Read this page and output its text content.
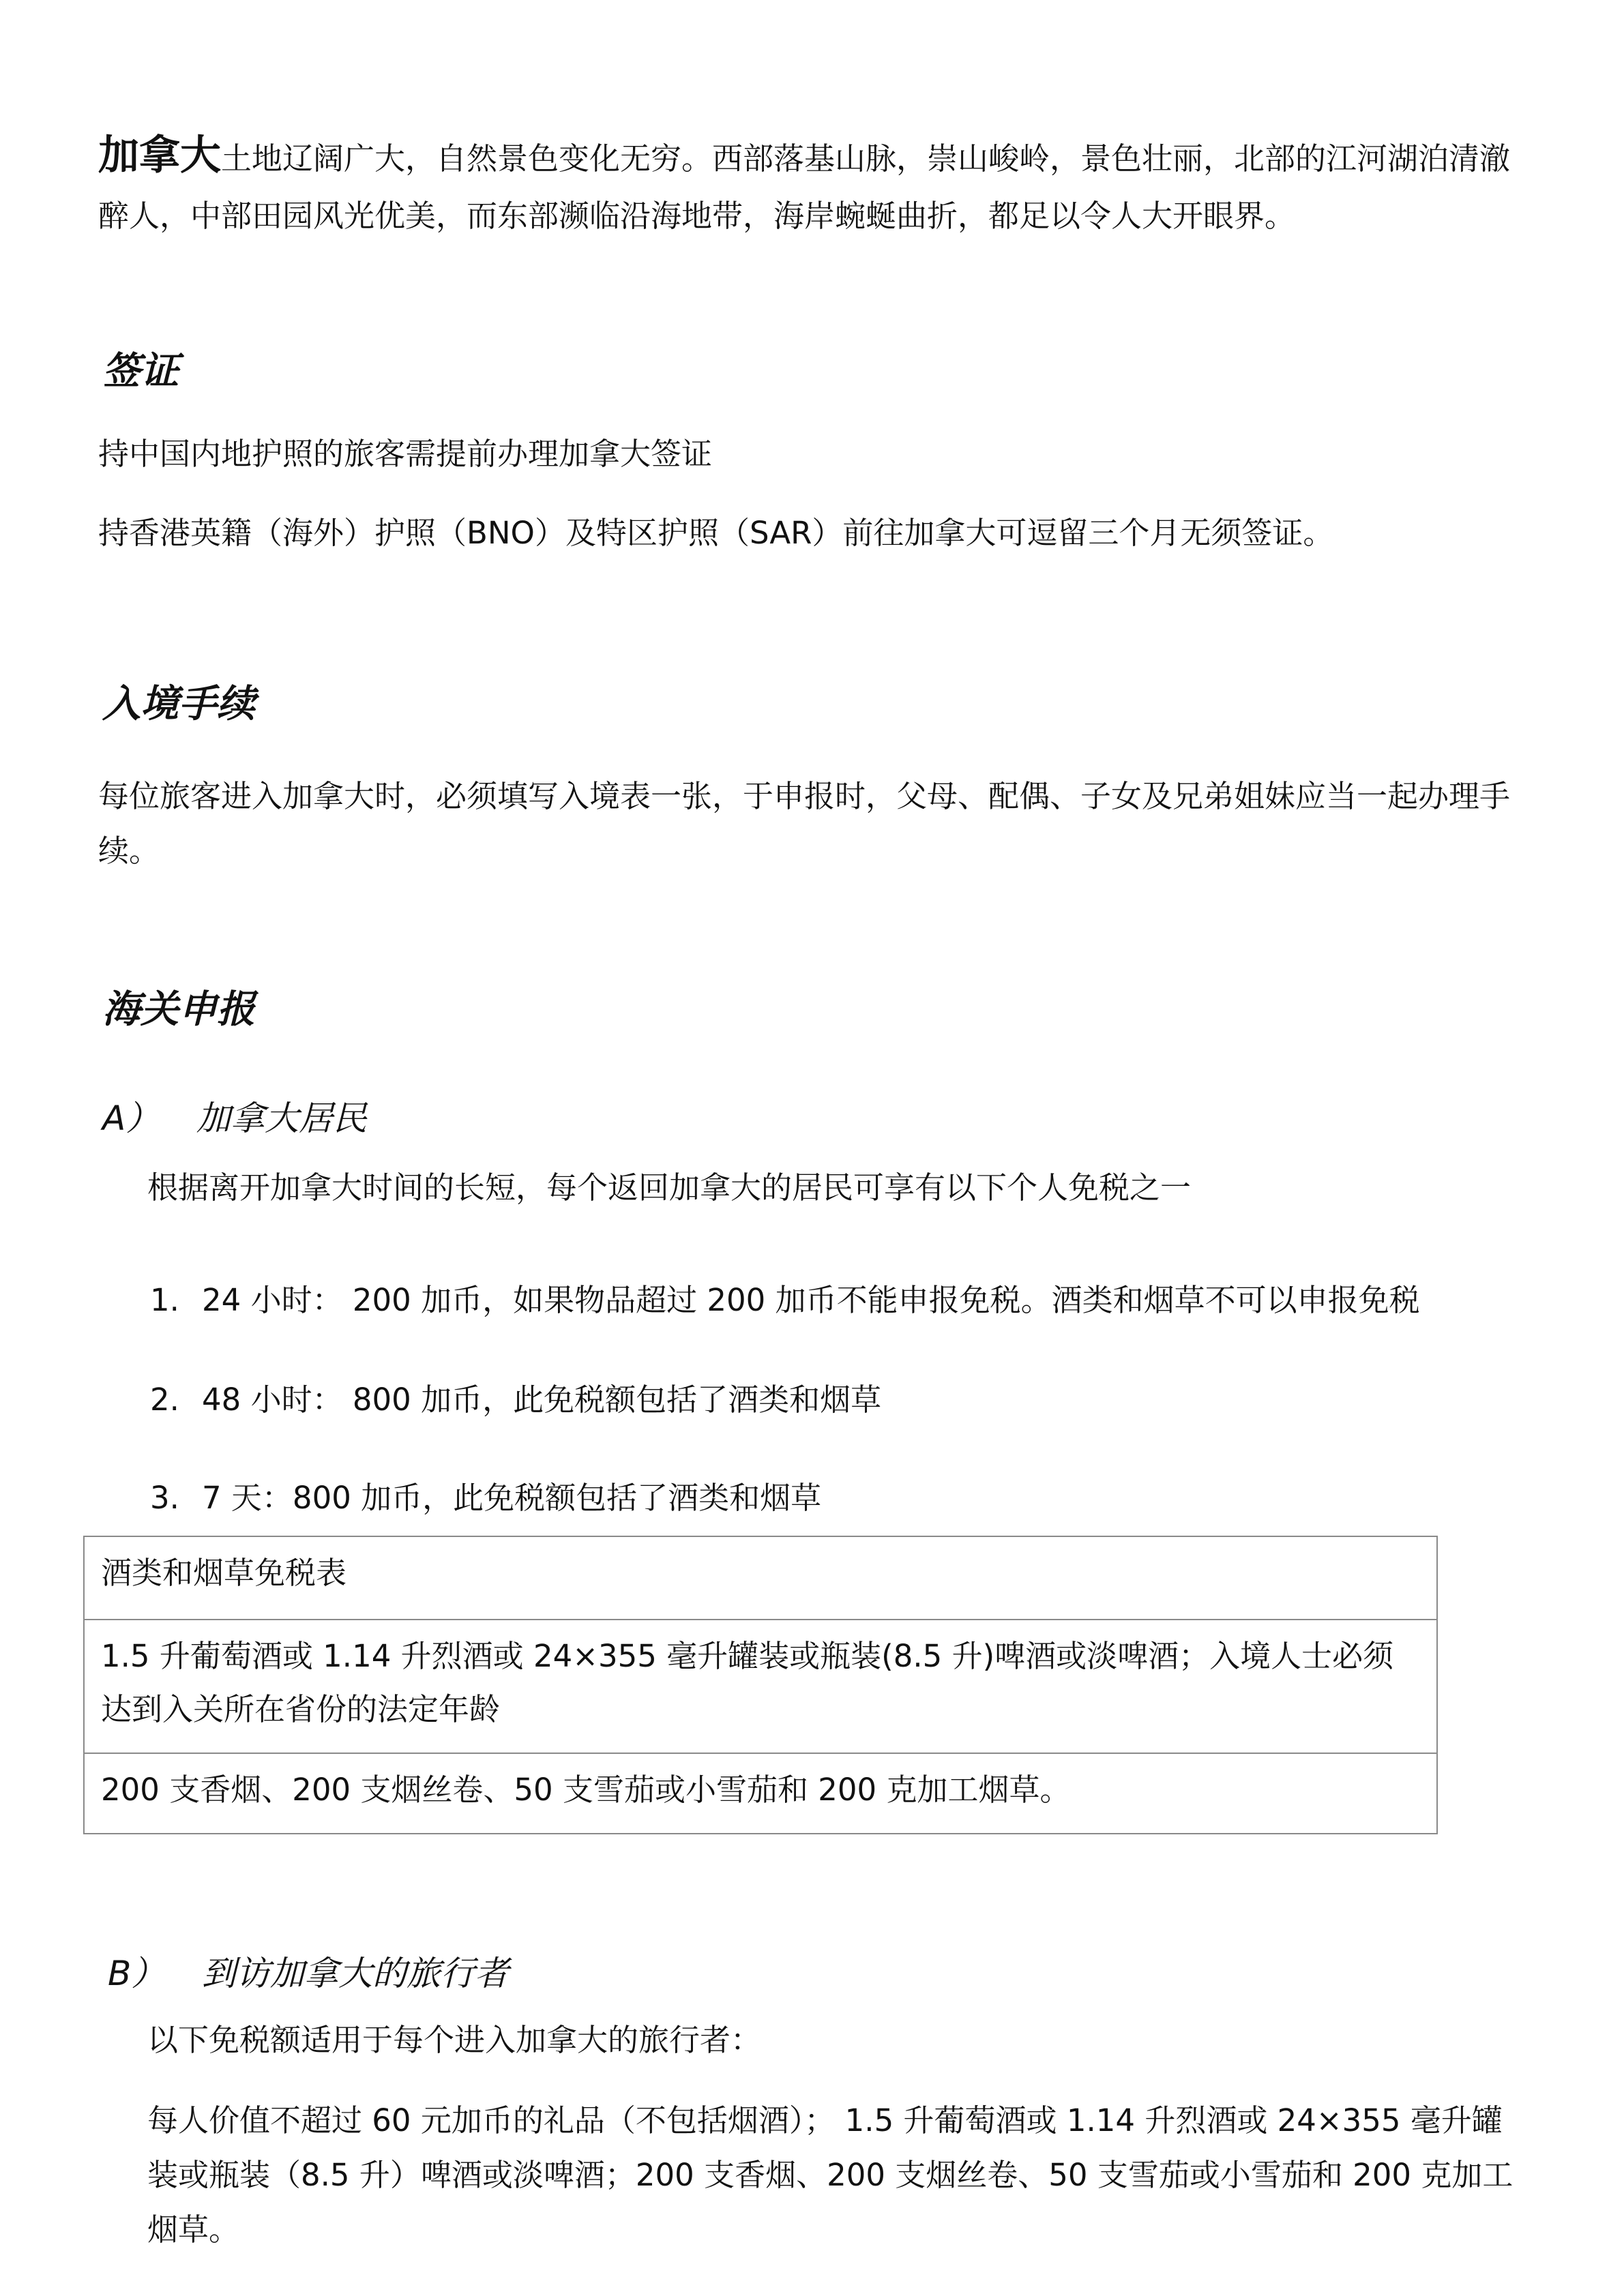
加拿大土地辽阔广大，自然景色变化无穷。西部落基山脉，崇山峻岭，景色壮丽，北部的江河湖泊清澈醉人，中部田园风光优美，而东部濒临沿海地带，海岸蜿蜒曲折，都足以令人大开眼界。
签证
持中国内地护照的旅客需提前办理加拿大签证
持香港英籍（海外）护照（BNO）及特区护照（SAR）前往加拿大可逗留三个月无须签证。
入境手续
每位旅客进入加拿大时，必须填写入境表一张，于申报时，父母、配偶、子女及兄弟姐妹应当一起办理手续。
海关申报
A） 加拿大居民
根据离开加拿大时间的长短，每个返回加拿大的居民可享有以下个人免税之一
1. 24 小时： 200 加币，如果物品超过 200 加币不能申报免税。酒类和烟草不可以申报免税
2. 48 小时： 800 加币，此免税额包括了酒类和烟草
3. 7 天：800 加币，此免税额包括了酒类和烟草
酒类和烟草免税表
1.5 升葡萄酒或 1.14 升烈酒或 24×355 毫升罐装或瓶装(8.5 升)啤酒或淡啤酒；入境人士必须达到入关所在省份的法定年龄
200 支香烟、200 支烟丝卷、50 支雪茄或小雪茄和 200 克加工烟草。
B） 到访加拿大的旅行者
以下免税额适用于每个进入加拿大的旅行者：
每人价值不超过 60 元加币的礼品（不包括烟酒）； 1.5 升葡萄酒或 1.14 升烈酒或 24×355 毫升罐装或瓶装（8.5 升）啤酒或淡啤酒；200 支香烟、200 支烟丝卷、50 支雪茄或小雪茄和 200 克加工烟草。
